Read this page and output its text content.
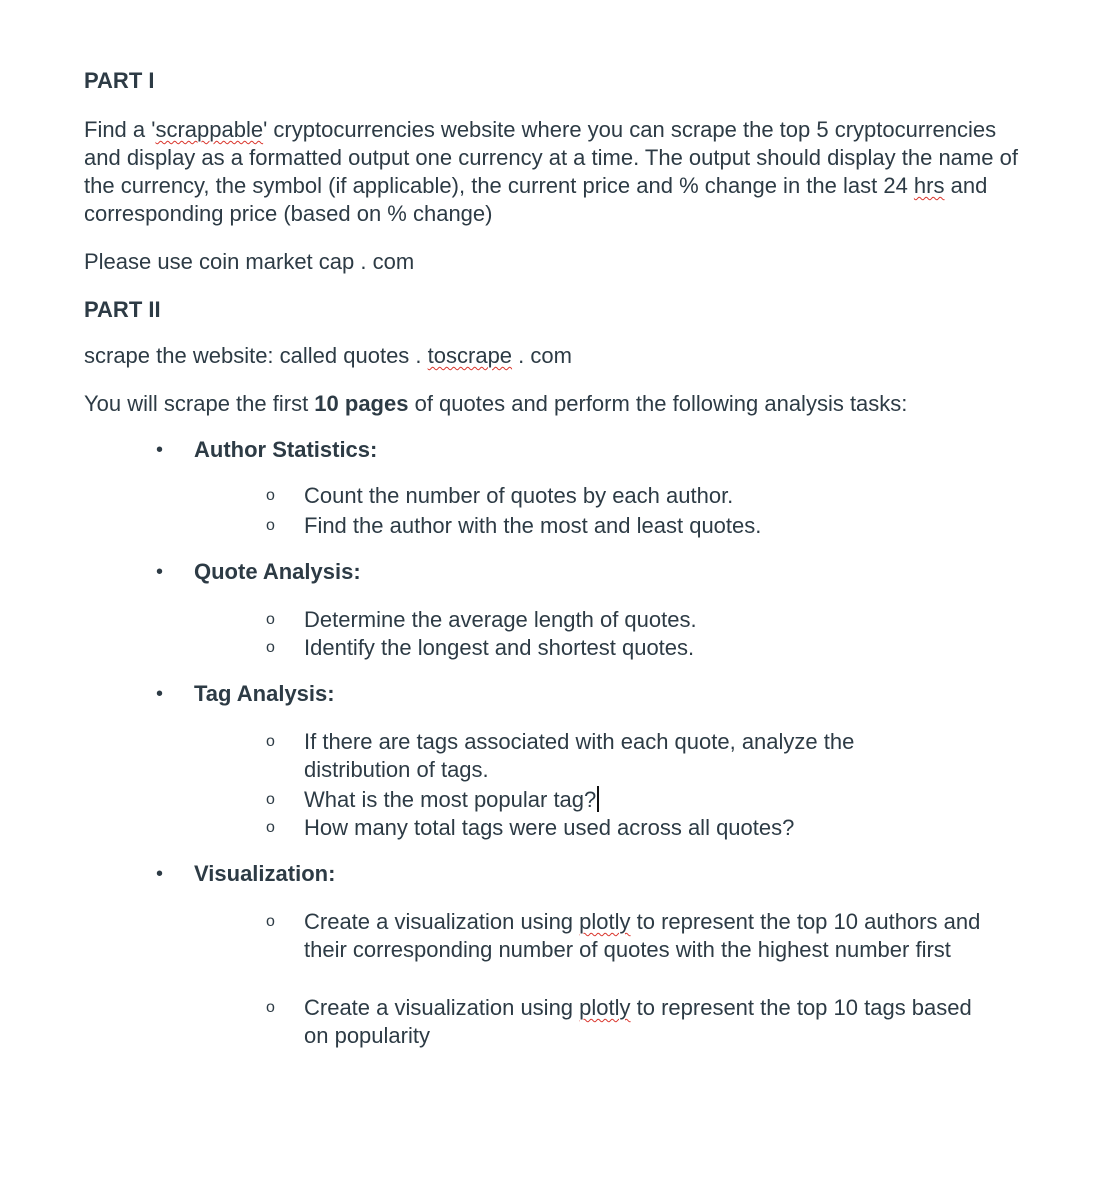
PART I

Find a 'scrappable' cryptocurrencies website where you can scrape the top 5 cryptocurrencies and display as a formatted output one currency at a time. The output should display the name of the currency, the symbol (if applicable), the current price and % change in the last 24 hrs and corresponding price (based on % change)

Please use coin market cap . com

PART II

scrape the website: called quotes . toscrape . com

You will scrape the first 10 pages of quotes and perform the following analysis tasks:

• Author Statistics:
o Count the number of quotes by each author.
o Find the author with the most and least quotes.
• Quote Analysis:
o Determine the average length of quotes.
o Identify the longest and shortest quotes.
• Tag Analysis:
o If there are tags associated with each quote, analyze the distribution of tags.
o What is the most popular tag?
o How many total tags were used across all quotes?
• Visualization:
o Create a visualization using plotly to represent the top 10 authors and their corresponding number of quotes with the highest number first
o Create a visualization using plotly to represent the top 10 tags based on popularity
